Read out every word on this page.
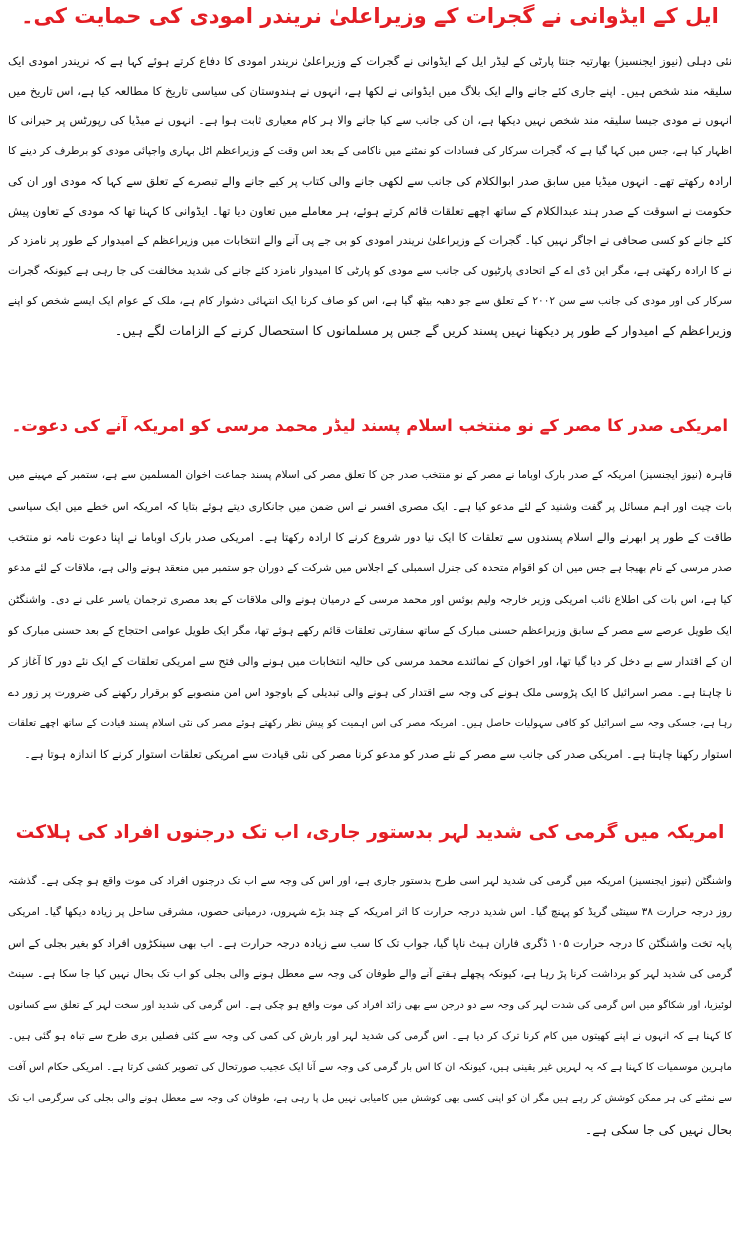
ایل کے ایڈوانی نے گجرات کے وزیراعلیٰ نریندر امودی کی حمایت کی۔

نئی دہلی (نیوز ایجنسیز) بھارتیہ جنتا پارٹی کے لیڈر ایل کے ایڈوانی نے گجرات کے وزیراعلیٰ نریندر امودی کا دفاع کرتے ہوئے کہا ہے کہ نریندر امودی ایک

سلیقہ مند شخص ہیں۔ اپنے جاری کئے جانے والے ایک بلاگ میں ایڈوانی نے لکھا ہے، انہوں نے ہندوستان کی سیاسی تاریخ کا مطالعہ کیا ہے، اس تاریخ میں

انہوں نے مودی جیسا سلیقہ مند شخص نہیں دیکھا ہے، ان کی جانب سے کیا جانے والا ہر کام معیاری ثابت ہوا ہے۔ انہوں نے میڈیا کی رپورٹس پر حیرانی کا

اظہار کیا ہے، جس میں کہا گیا ہے کہ گجرات سرکار کی فسادات کو نمٹنے میں ناکامی کے بعد اس وقت کے وزیراعظم اٹل بہاری واجپائی مودی کو برطرف کر دینے کا

ارادہ رکھتے تھے۔ انہوں میڈیا میں سابق صدر ابوالکلام کی جانب سے لکھی جانے والی کتاب پر کیے جانے والے تبصرے کے تعلق سے کہا کہ مودی اور ان کی

حکومت نے اسوقت کے صدر ہند عبدالکلام کے ساتھ اچھے تعلقات قائم کرتے ہوئے، ہر معاملے میں تعاون دیا تھا۔ ایڈوانی کا کہنا تھا کہ مودی کے تعاون پیش

کئے جانے کو کسی صحافی نے اجاگر نہیں کیا۔ گجرات کے وزیراعلیٰ نریندر امودی کو بی جے پی آنے والے انتخابات میں وزیراعظم کے امیدوار کے طور پر نامزد کر

نے کا ارادہ رکھتی ہے، مگر این ڈی اے کے اتحادی پارٹیوں کی جانب سے مودی کو پارٹی کا امیدوار نامزد کئے جانے کی شدید مخالفت کی جا رہی ہے کیونکہ گجرات

سرکار کی اور مودی کی جانب سے سن ۲۰۰۲ کے تعلق سے جو دھبہ بیٹھ گیا ہے، اس کو صاف کرنا ایک انتہائی دشوار کام ہے، ملک کے عوام ایک ایسے شخص کو اپنے

وزیراعظم کے امیدوار کے طور پر دیکھنا نہیں پسند کریں گے جس پر مسلمانوں کا استحصال کرنے کے الزامات لگے ہیں۔

امریکی صدر کا مصر کے نو منتخب اسلام پسند لیڈر محمد مرسی کو امریکہ آنے کی دعوت۔

قاہرہ (نیوز ایجنسیز) امریکہ کے صدر بارک اوباما نے مصر کے نو منتخب صدر جن کا تعلق مصر کی اسلام پسند جماعت اخوان المسلمین سے ہے، ستمبر کے مہینے میں

بات چیت اور اہم مسائل پر گفت وشنید کے لئے مدعو کیا ہے۔ ایک مصری افسر نے اس ضمن میں جانکاری دیتے ہوئے بتایا کہ امریکہ اس خطے میں ایک سیاسی

طاقت کے طور پر ابھرنے والے اسلام پسندوں سے تعلقات کا ایک نیا دور شروع کرنے کا ارادہ رکھتا ہے۔ امریکی صدر بارک اوباما نے اپنا دعوت نامہ نو منتخب

صدر مرسی کے نام بھیجا ہے جس میں ان کو اقوام متحدہ کی جنرل اسمبلی کے اجلاس میں شرکت کے دوران جو ستمبر میں منعقد ہونے والی ہے، ملاقات کے لئے مدعو

کیا ہے، اس بات کی اطلاع نائب امریکی وزیر خارجہ ولیم بوئس اور محمد مرسی کے درمیان ہونے والی ملاقات کے بعد مصری ترجمان یاسر علی نے دی۔ واشنگٹن

ایک طویل عرصے سے مصر کے سابق وزیراعظم حسنی مبارک کے ساتھ سفارتی تعلقات قائم رکھے ہوئے تھا، مگر ایک طویل عوامی احتجاج کے بعد حسنی مبارک کو

ان کے اقتدار سے بے دخل کر دیا گیا تھا، اور اخوان کے نمائندے محمد مرسی کی حالیہ انتخابات میں ہونے والی فتح سے امریکی تعلقات کے ایک نئے دور کا آغاز کر

نا چاہتا ہے۔ مصر اسرائیل کا ایک پڑوسی ملک ہونے کی وجہ سے اقتدار کی ہونے والی تبدیلی کے باوجود اس امن منصوبے کو برقرار رکھنے کی ضرورت پر زور دے

رہا ہے، جسکی وجہ سے اسرائیل کو کافی سہولیات حاصل ہیں۔ امریکہ مصر کی اس اہمیت کو پیش نظر رکھتے ہوئے مصر کی نئی اسلام پسند قیادت کے ساتھ اچھے تعلقات

استوار رکھنا چاہتا ہے۔ امریکی صدر کی جانب سے مصر کے نئے صدر کو مدعو کرنا مصر کی نئی قیادت سے امریکی تعلقات استوار کرنے کا اندازہ ہوتا ہے۔

امریکہ میں گرمی کی شدید لہر بدستور جاری، اب تک درجنوں افراد کی ہلاکت

واشنگٹن (نیوز ایجنسیز) امریکہ میں گرمی کی شدید لہر اسی طرح بدستور جاری ہے، اور اس کی وجہ سے اب تک درجنوں افراد کی موت واقع ہو چکی ہے۔ گذشتہ

روز درجہ حرارت ۳۸ سینٹی گریڈ کو پہنچ گیا۔ اس شدید درجہ حرارت کا اثر امریکہ کے چند بڑے شہروں، درمیانی حصوں، مشرقی ساحل پر زیادہ دیکھا گیا۔ امریکی

پایہ تخت واشنگٹن کا درجہ حرارت ۱۰۵ ڈگری فاران ہیٹ ناپا گیا، جواب تک کا سب سے زیادہ درجہ حرارت ہے۔ اب بھی سینکڑوں افراد کو بغیر بجلی کے اس

گرمی کی شدید لہر کو برداشت کرنا پڑ رہا ہے، کیونکہ پچھلے ہفتے آنے والے طوفان کی وجہ سے معطل ہونے والی بجلی کو اب تک بحال نہیں کیا جا سکا ہے۔ سینٹ

لوئیزیا، اور شکاگو میں اس گرمی کی شدت لہر کی وجہ سے دو درجن سے بھی زائد افراد کی موت واقع ہو چکی ہے۔ اس گرمی کی شدید اور سخت لہر کے تعلق سے کسانوں

کا کہنا ہے کہ انہوں نے اپنے کھیتوں میں کام کرنا ترک کر دیا ہے۔ اس گرمی کی شدید لہر اور بارش کی کمی کی وجہ سے کئی فصلیں بری طرح سے تباہ ہو گئی ہیں۔

ماہرین موسمیات کا کہنا ہے کہ یہ لہریں غیر یقینی ہیں، کیونکہ ان کا اس بار گرمی کی وجہ سے آنا ایک عجیب صورتحال کی تصویر کشی کرتا ہے۔ امریکی حکام اس آفت

سے نمٹنے کی ہر ممکن کوشش کر رہے ہیں مگر ان کو اپنی کسی بھی کوشش میں کامیابی نہیں مل پا رہی ہے، طوفان کی وجہ سے معطل ہونے والی بجلی کی سرگرمی اب تک

بحال نہیں کی جا سکی ہے۔
